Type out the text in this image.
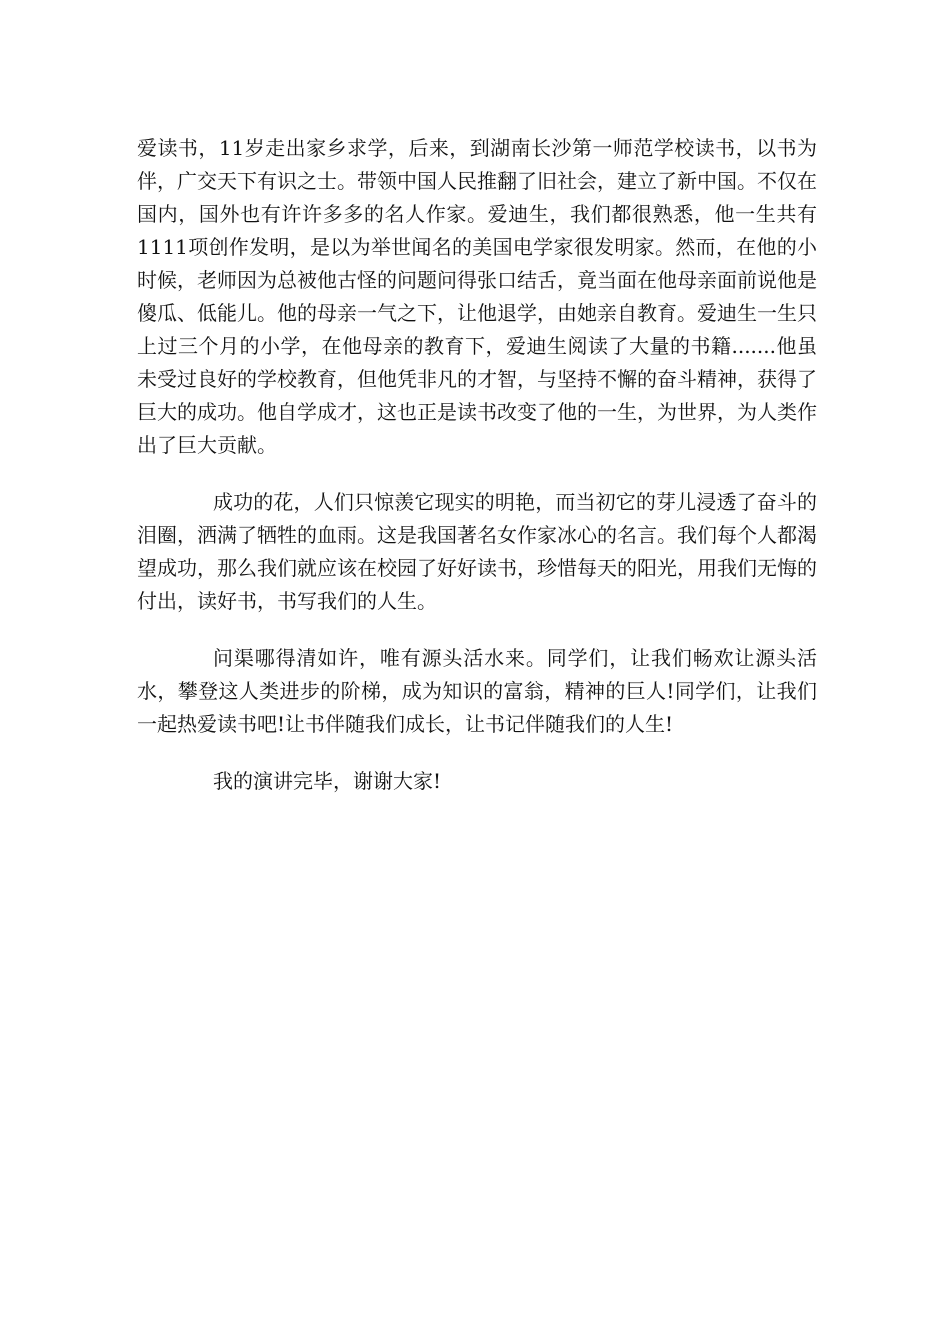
爱读书，11岁走出家乡求学，后来，到湖南长沙第一师范学校读书，以书为伴，广交天下有识之士。带领中国人民推翻了旧社会，建立了新中国。不仅在国内，国外也有许许多多的名人作家。爱迪生，我们都很熟悉，他一生共有1111项创作发明，是以为举世闻名的美国电学家很发明家。然而，在他的小时候，老师因为总被他古怪的问题问得张口结舌，竟当面在他母亲面前说他是傻瓜、低能儿。他的母亲一气之下，让他退学，由她亲自教育。爱迪生一生只上过三个月的小学，在他母亲的教育下，爱迪生阅读了大量的书籍.......他虽未受过良好的学校教育，但他凭非凡的才智，与坚持不懈的奋斗精神，获得了巨大的成功。他自学成才，这也正是读书改变了他的一生，为世界，为人类作出了巨大贡献。

成功的花，人们只惊羡它现实的明艳，而当初它的芽儿浸透了奋斗的泪圈，洒满了牺牲的血雨。这是我国著名女作家冰心的名言。我们每个人都渴望成功，那么我们就应该在校园了好好读书，珍惜每天的阳光，用我们无悔的付出，读好书，书写我们的人生。

问渠哪得清如许，唯有源头活水来。同学们，让我们畅欢让源头活水，攀登这人类进步的阶梯，成为知识的富翁，精神的巨人!同学们，让我们一起热爱读书吧!让书伴随我们成长，让书记伴随我们的人生!

我的演讲完毕，谢谢大家!
